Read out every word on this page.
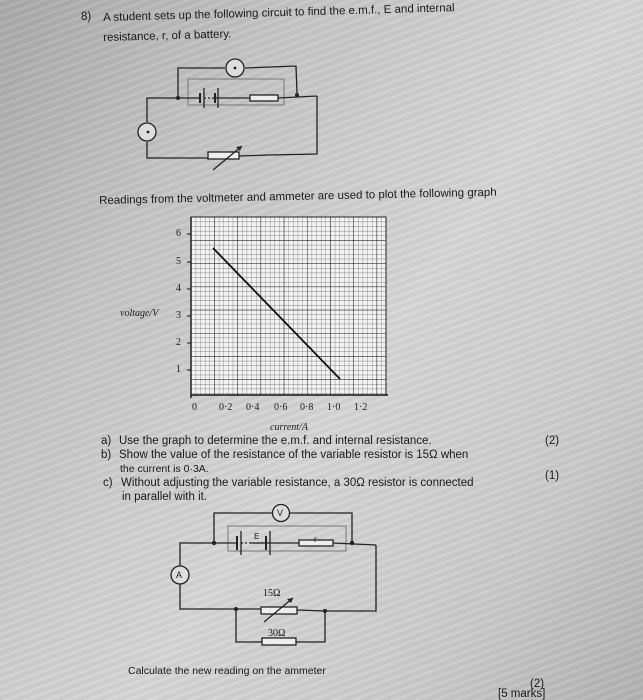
8) A student sets up the following circuit to find the e.m.f., E and internal
resistance, r, of a battery.
Readings from the voltmeter and ammeter are used to plot the following graph
6
5
4
3
2
1
voltage/V
0 0·2 0·4 0·6 0·8 1·0 1·2
current/A
a) Use the graph to determine the e.m.f. and internal resistance.	(2)
b) Show the value of the resistance of the variable resistor is 15Ω when
the current is 0·3A.
(1)
c) Without adjusting the variable resistance, a 30Ω resistor is connected
in parallel with it.
V
A
E	r
15Ω
30Ω
Calculate the new reading on the ammeter
(2)
[5 marks]
